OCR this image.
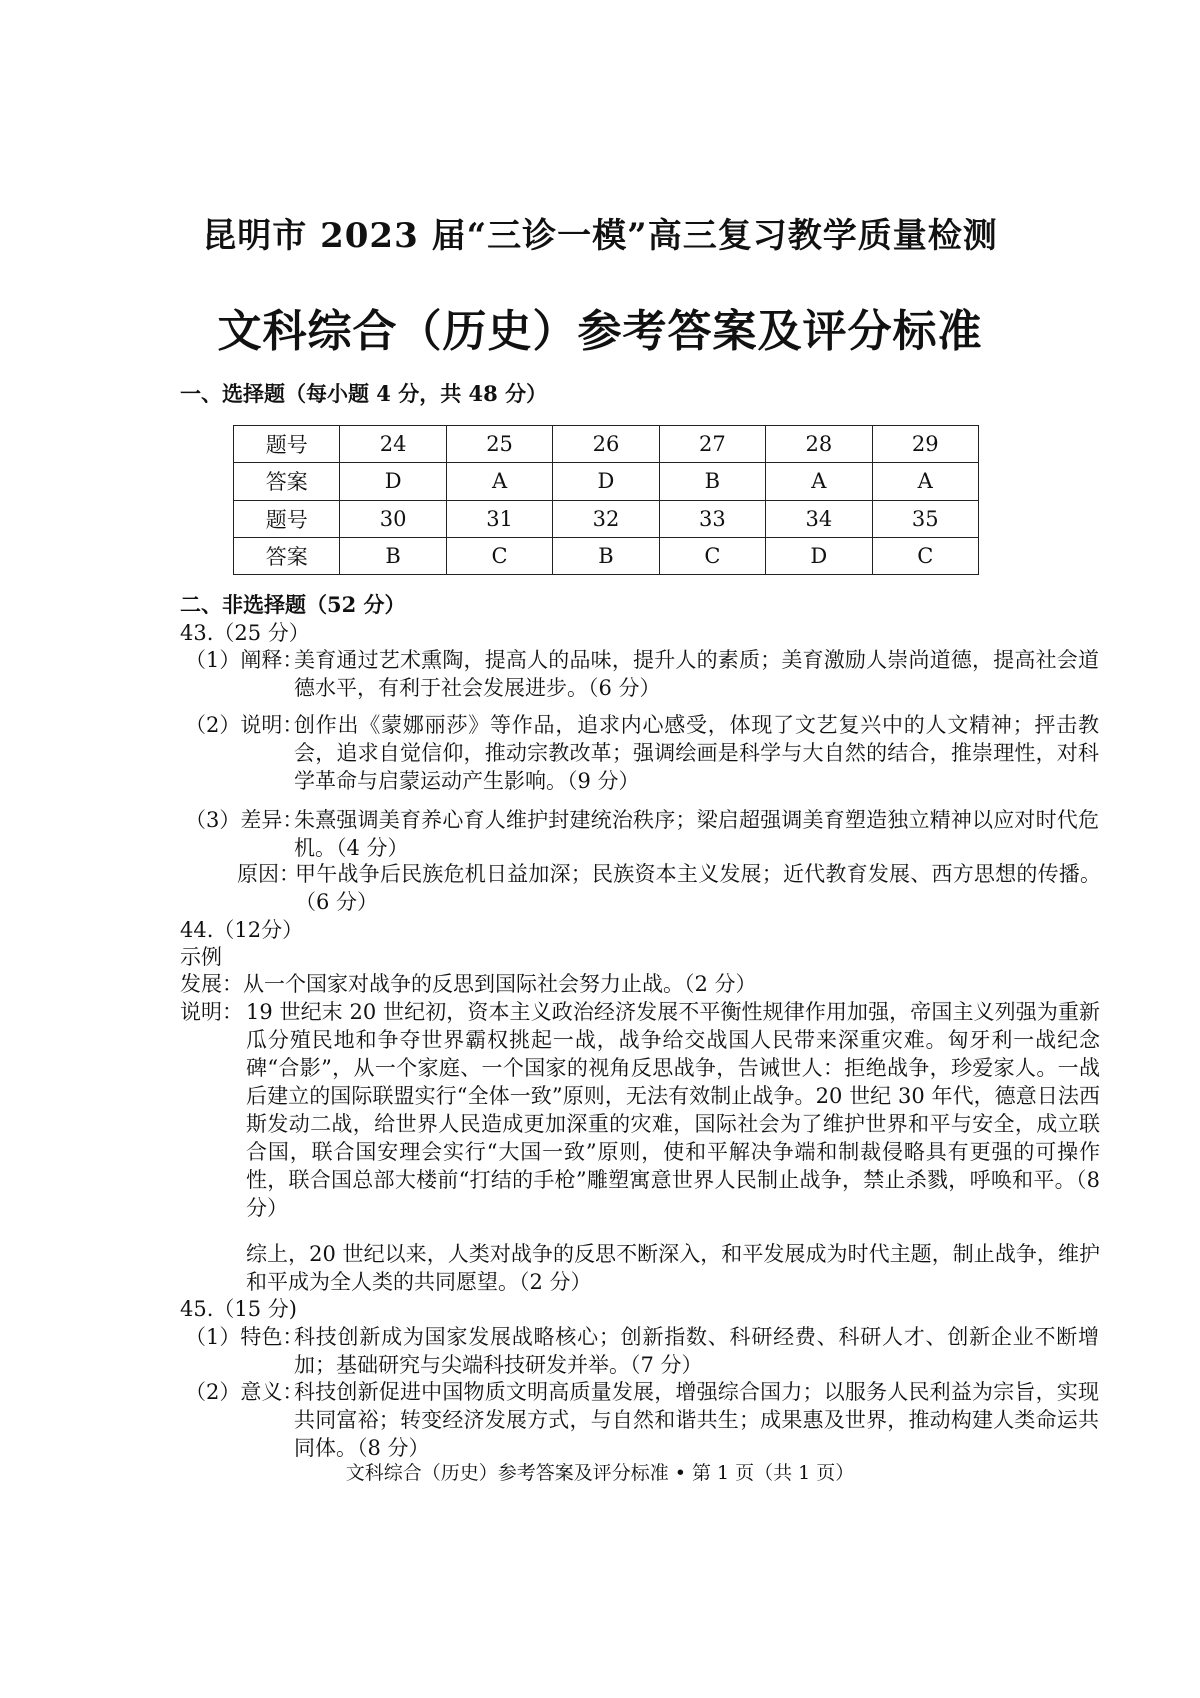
昆明市 2023 届“三诊一模”高三复习教学质量检测
文科综合（历史）参考答案及评分标准
一、选择题（每小题 4 分，共 48 分）
题号	24	25	26	27	28	29
答案	D	A	D	B	A	A
题号	30	31	32	33	34	35
答案	B	C	B	C	D	C
二、非选择题（52 分）
43.（25 分）
（1）阐释：
美育通过艺术熏陶，提高人的品味，提升人的素质；美育激励人崇尚道德，提高社会道德水平，有利于社会发展进步。（6 分）
（2）说明：
创作出《蒙娜丽莎》等作品，追求内心感受，体现了文艺复兴中的人文精神；抨击教会，追求自觉信仰，推动宗教改革；强调绘画是科学与大自然的结合，推崇理性，对科学革命与启蒙运动产生影响。（9 分）
（3）差异：
朱熹强调美育养心育人维护封建统治秩序；梁启超强调美育塑造独立精神以应对时代危机。（4 分）
原因：
甲午战争后民族危机日益加深；民族资本主义发展；近代教育发展、西方思想的传播。（6 分）
44.（12分）
示例
发展：从一个国家对战争的反思到国际社会努力止战。（2 分）
说明： 19 世纪末 20 世纪初，资本主义政治经济发展不平衡性规律作用加强，帝国主义列强为重新瓜分殖民地和争夺世界霸权挑起一战，战争给交战国人民带来深重灾难。匈牙利一战纪念碑“合影”，从一个家庭、一个国家的视角反思战争，告诫世人：拒绝战争，珍爱家人。一战后建立的国际联盟实行“全体一致”原则，无法有效制止战争。20 世纪 30 年代，德意日法西斯发动二战，给世界人民造成更加深重的灾难，国际社会为了维护世界和平与安全，成立联合国，联合国安理会实行“大国一致”原则，使和平解决争端和制裁侵略具有更强的可操作性，联合国总部大楼前“打结的手枪”雕塑寓意世界人民制止战争，禁止杀戮，呼唤和平。（8 分）
综上，20 世纪以来，人类对战争的反思不断深入，和平发展成为时代主题，制止战争，维护和平成为全人类的共同愿望。（2 分）
45.（15 分)
（1）特色：
科技创新成为国家发展战略核心；创新指数、科研经费、科研人才、创新企业不断增加；基础研究与尖端科技研发并举。（7 分）
（2）意义：
科技创新促进中国物质文明高质量发展，增强综合国力；以服务人民利益为宗旨，实现共同富裕；转变经济发展方式，与自然和谐共生；成果惠及世界，推动构建人类命运共同体。（8 分）
文科综合（历史）参考答案及评分标准 • 第 1 页（共 1 页）
